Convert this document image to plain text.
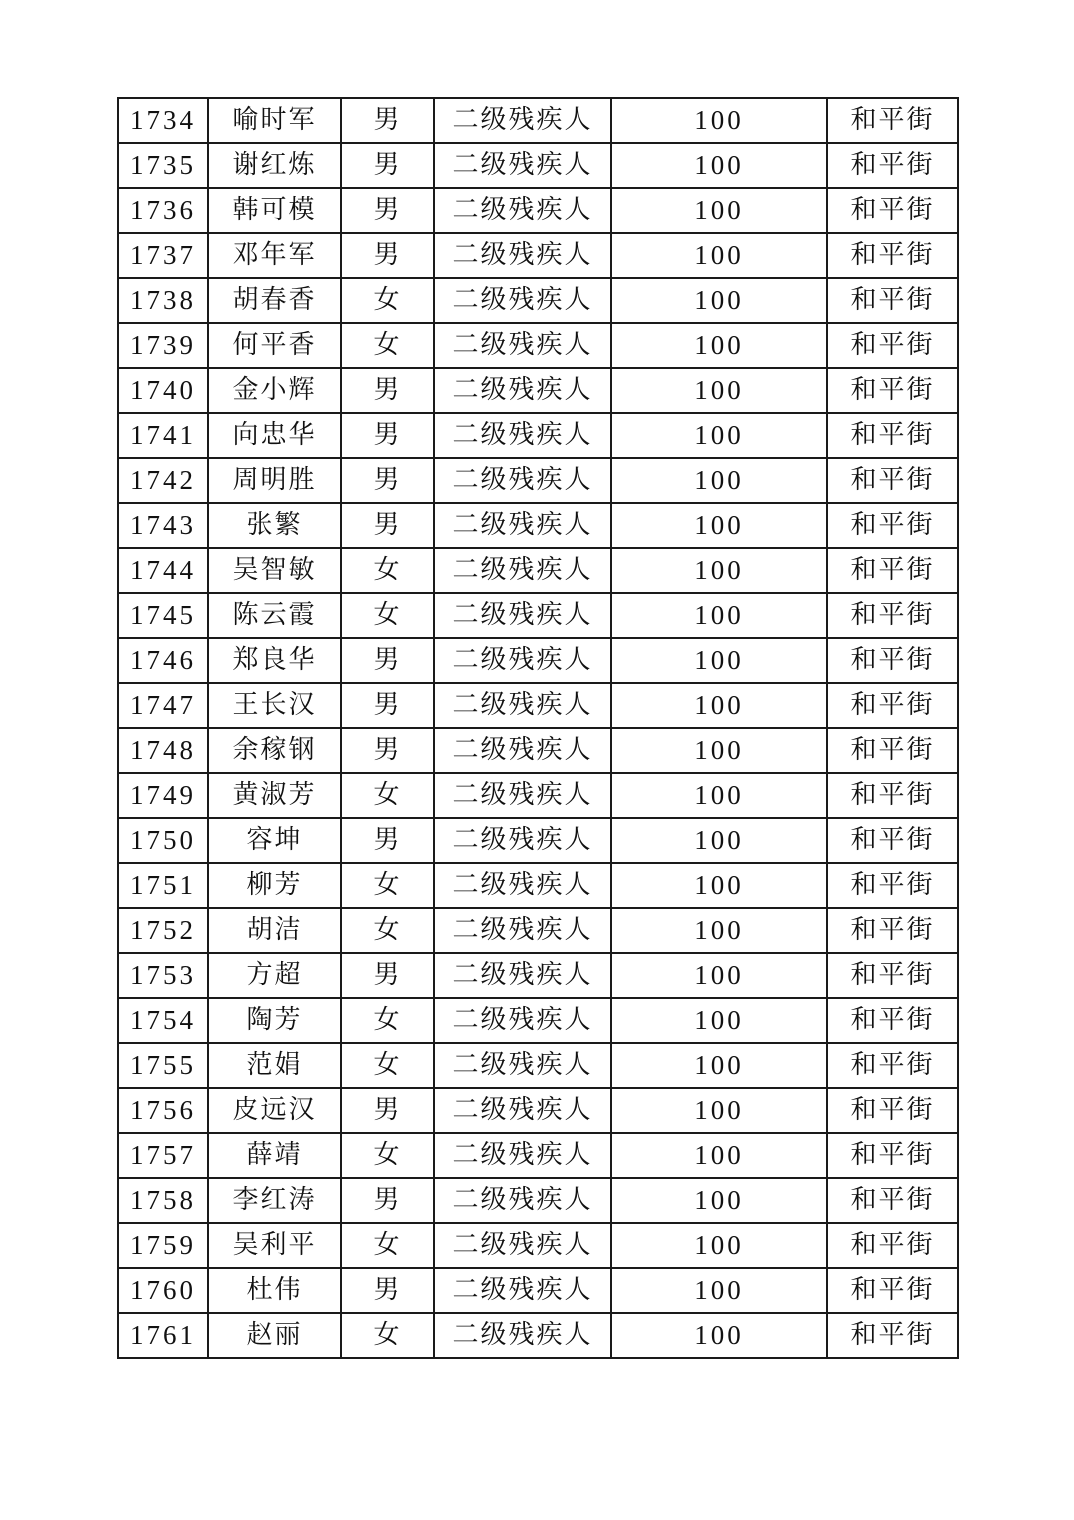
1734	喻时军	男	二级残疾人	100	和平街
1735	谢红炼	男	二级残疾人	100	和平街
1736	韩可模	男	二级残疾人	100	和平街
1737	邓年军	男	二级残疾人	100	和平街
1738	胡春香	女	二级残疾人	100	和平街
1739	何平香	女	二级残疾人	100	和平街
1740	金小辉	男	二级残疾人	100	和平街
1741	向忠华	男	二级残疾人	100	和平街
1742	周明胜	男	二级残疾人	100	和平街
1743	张繁	男	二级残疾人	100	和平街
1744	吴智敏	女	二级残疾人	100	和平街
1745	陈云霞	女	二级残疾人	100	和平街
1746	郑良华	男	二级残疾人	100	和平街
1747	王长汉	男	二级残疾人	100	和平街
1748	余稼钢	男	二级残疾人	100	和平街
1749	黄淑芳	女	二级残疾人	100	和平街
1750	容坤	男	二级残疾人	100	和平街
1751	柳芳	女	二级残疾人	100	和平街
1752	胡洁	女	二级残疾人	100	和平街
1753	方超	男	二级残疾人	100	和平街
1754	陶芳	女	二级残疾人	100	和平街
1755	范娟	女	二级残疾人	100	和平街
1756	皮远汉	男	二级残疾人	100	和平街
1757	薛靖	女	二级残疾人	100	和平街
1758	李红涛	男	二级残疾人	100	和平街
1759	吴利平	女	二级残疾人	100	和平街
1760	杜伟	男	二级残疾人	100	和平街
1761	赵丽	女	二级残疾人	100	和平街
